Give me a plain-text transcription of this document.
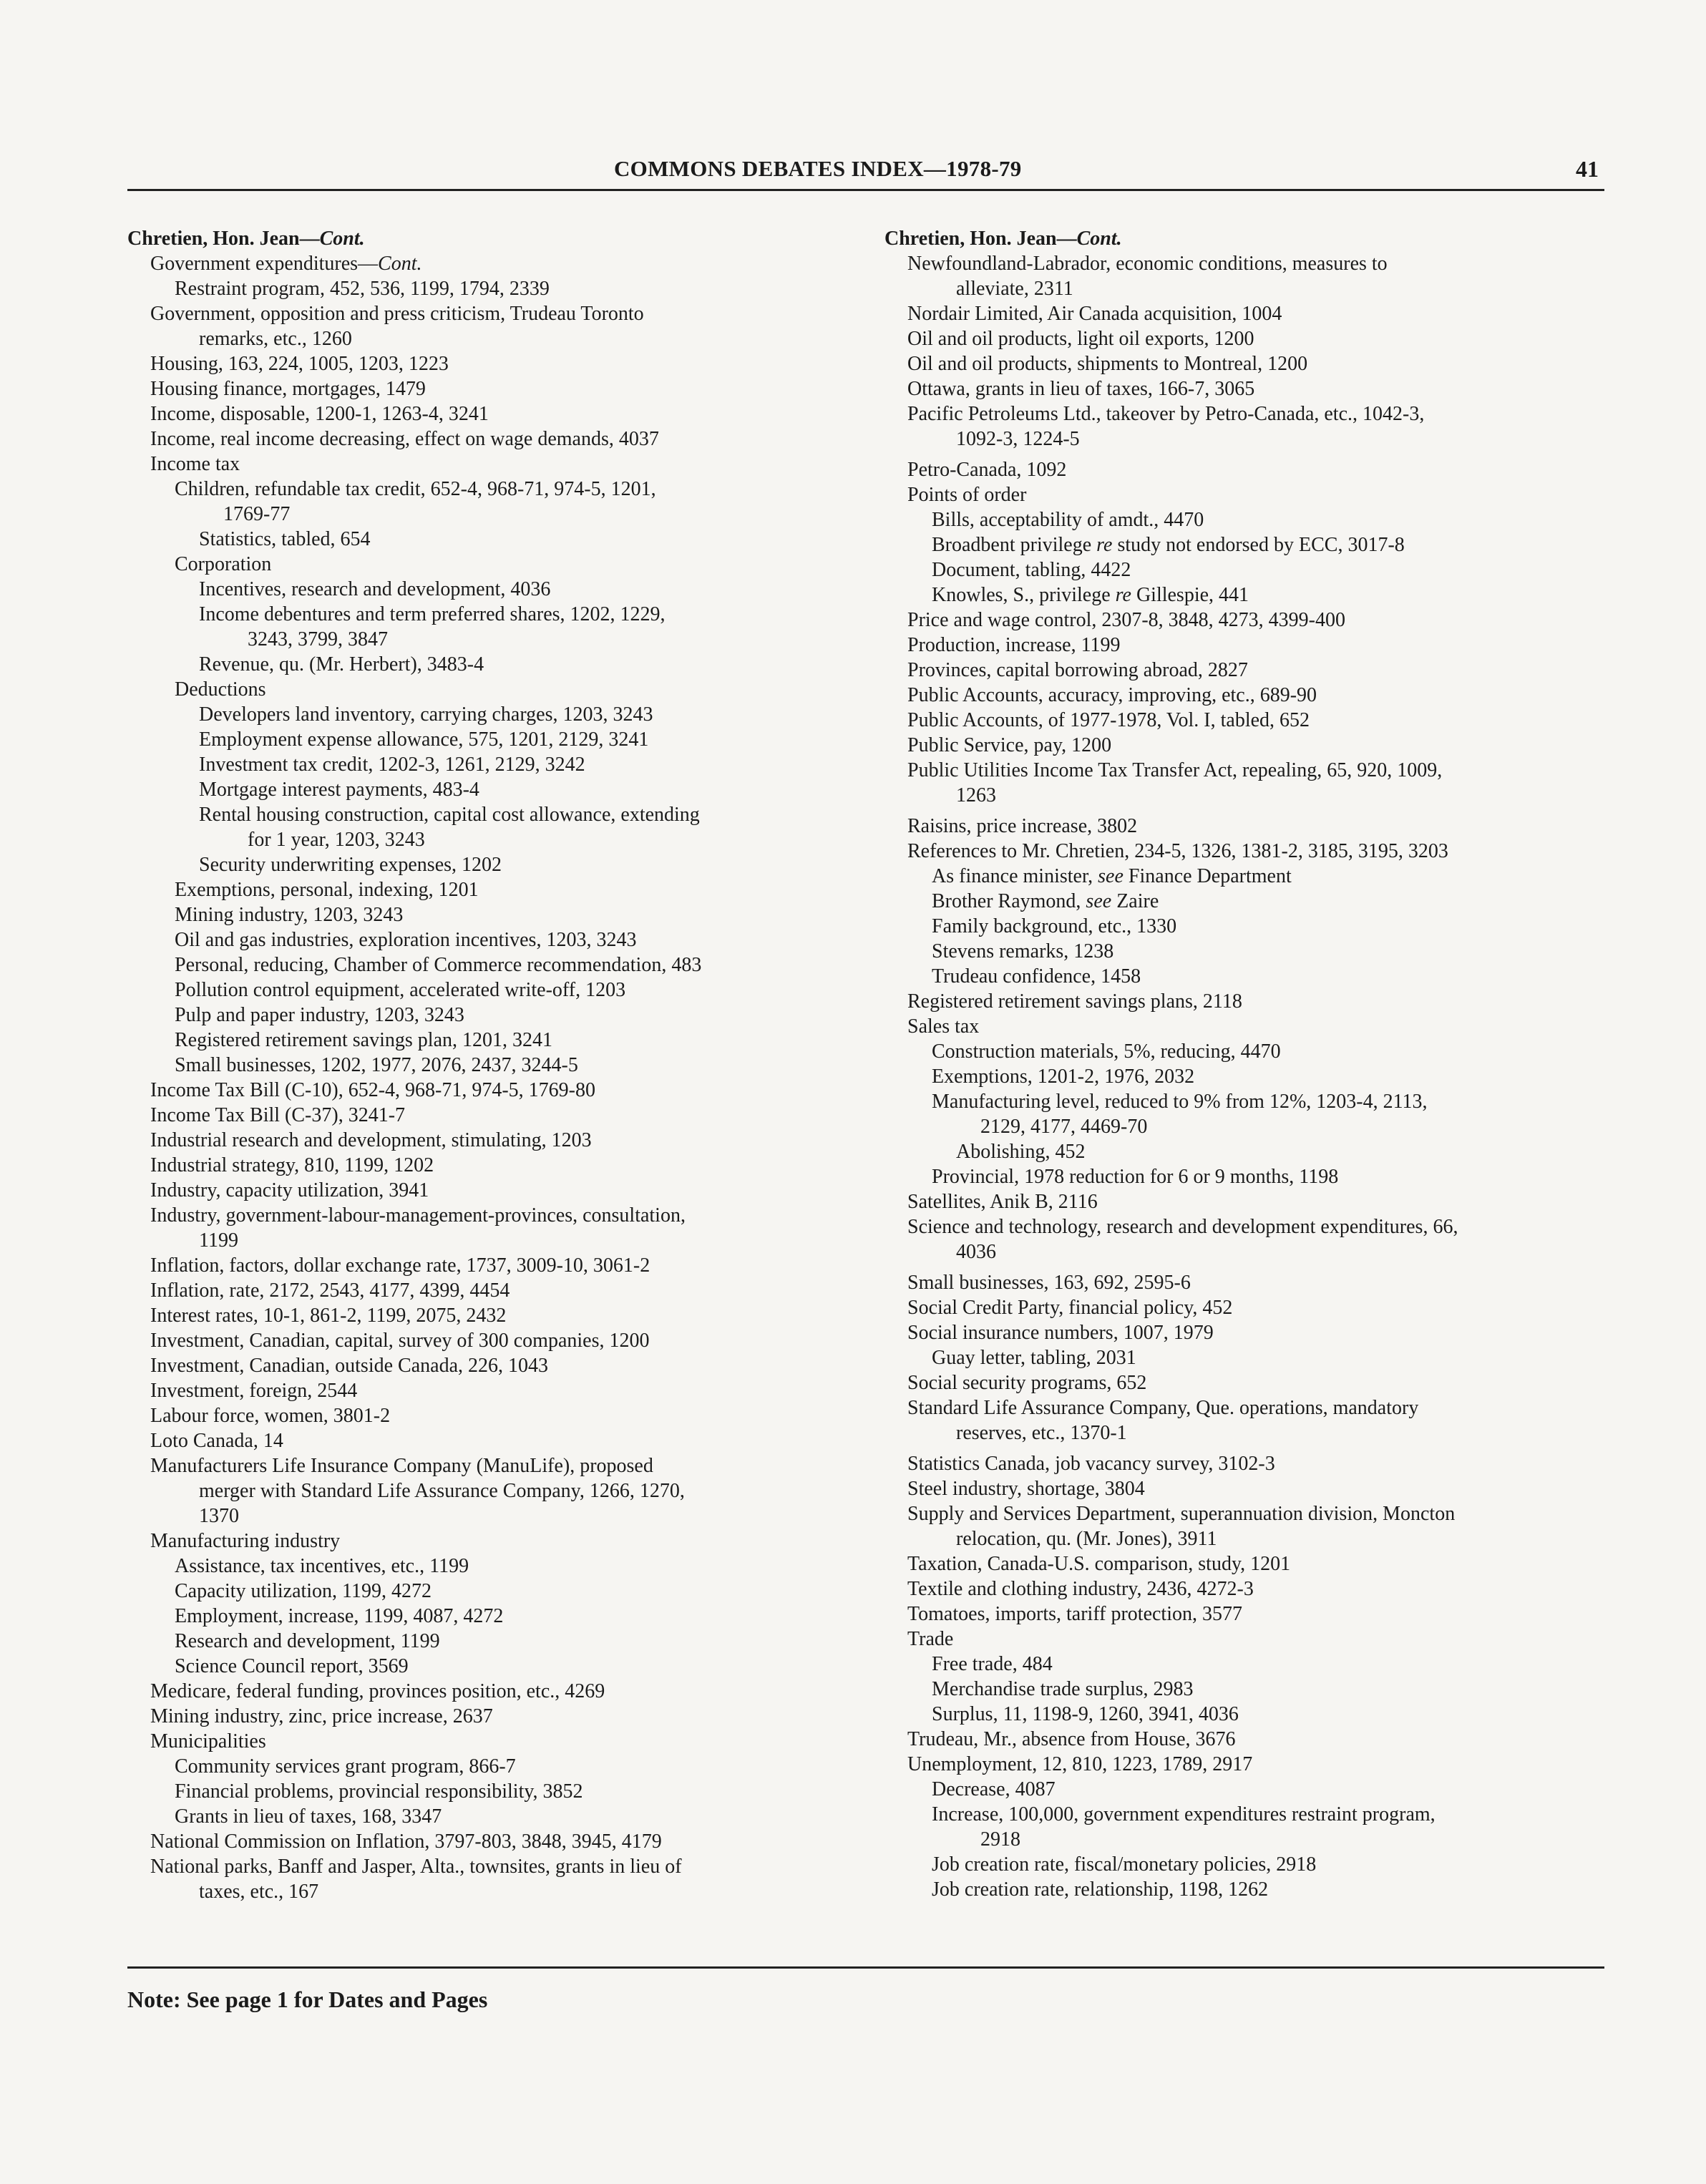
COMMONS DEBATES INDEX—1978-79	41
Chretien, Hon. Jean—Cont.
Government expenditures—Cont.
Restraint program, 452, 536, 1199, 1794, 2339
Government, opposition and press criticism, Trudeau Toronto
remarks, etc., 1260
Housing, 163, 224, 1005, 1203, 1223
Housing finance, mortgages, 1479
Income, disposable, 1200-1, 1263-4, 3241
Income, real income decreasing, effect on wage demands, 4037
Income tax
Children, refundable tax credit, 652-4, 968-71, 974-5, 1201,
1769-77
Statistics, tabled, 654
Corporation
Incentives, research and development, 4036
Income debentures and term preferred shares, 1202, 1229,
3243, 3799, 3847
Revenue, qu. (Mr. Herbert), 3483-4
Deductions
Developers land inventory, carrying charges, 1203, 3243
Employment expense allowance, 575, 1201, 2129, 3241
Investment tax credit, 1202-3, 1261, 2129, 3242
Mortgage interest payments, 483-4
Rental housing construction, capital cost allowance, extending
for 1 year, 1203, 3243
Security underwriting expenses, 1202
Exemptions, personal, indexing, 1201
Mining industry, 1203, 3243
Oil and gas industries, exploration incentives, 1203, 3243
Personal, reducing, Chamber of Commerce recommendation, 483
Pollution control equipment, accelerated write-off, 1203
Pulp and paper industry, 1203, 3243
Registered retirement savings plan, 1201, 3241
Small businesses, 1202, 1977, 2076, 2437, 3244-5
Income Tax Bill (C-10), 652-4, 968-71, 974-5, 1769-80
Income Tax Bill (C-37), 3241-7
Industrial research and development, stimulating, 1203
Industrial strategy, 810, 1199, 1202
Industry, capacity utilization, 3941
Industry, government-labour-management-provinces, consultation,
1199
Inflation, factors, dollar exchange rate, 1737, 3009-10, 3061-2
Inflation, rate, 2172, 2543, 4177, 4399, 4454
Interest rates, 10-1, 861-2, 1199, 2075, 2432
Investment, Canadian, capital, survey of 300 companies, 1200
Investment, Canadian, outside Canada, 226, 1043
Investment, foreign, 2544
Labour force, women, 3801-2
Loto Canada, 14
Manufacturers Life Insurance Company (ManuLife), proposed
merger with Standard Life Assurance Company, 1266, 1270,
1370
Manufacturing industry
Assistance, tax incentives, etc., 1199
Capacity utilization, 1199, 4272
Employment, increase, 1199, 4087, 4272
Research and development, 1199
Science Council report, 3569
Medicare, federal funding, provinces position, etc., 4269
Mining industry, zinc, price increase, 2637
Municipalities
Community services grant program, 866-7
Financial problems, provincial responsibility, 3852
Grants in lieu of taxes, 168, 3347
National Commission on Inflation, 3797-803, 3848, 3945, 4179
National parks, Banff and Jasper, Alta., townsites, grants in lieu of
taxes, etc., 167
Chretien, Hon. Jean—Cont.
Newfoundland-Labrador, economic conditions, measures to
alleviate, 2311
Nordair Limited, Air Canada acquisition, 1004
Oil and oil products, light oil exports, 1200
Oil and oil products, shipments to Montreal, 1200
Ottawa, grants in lieu of taxes, 166-7, 3065
Pacific Petroleums Ltd., takeover by Petro-Canada, etc., 1042-3,
1092-3, 1224-5
Petro-Canada, 1092
Points of order
Bills, acceptability of amdt., 4470
Broadbent privilege re study not endorsed by ECC, 3017-8
Document, tabling, 4422
Knowles, S., privilege re Gillespie, 441
Price and wage control, 2307-8, 3848, 4273, 4399-400
Production, increase, 1199
Provinces, capital borrowing abroad, 2827
Public Accounts, accuracy, improving, etc., 689-90
Public Accounts, of 1977-1978, Vol. I, tabled, 652
Public Service, pay, 1200
Public Utilities Income Tax Transfer Act, repealing, 65, 920, 1009,
1263
Raisins, price increase, 3802
References to Mr. Chretien, 234-5, 1326, 1381-2, 3185, 3195, 3203
As finance minister, see Finance Department
Brother Raymond, see Zaire
Family background, etc., 1330
Stevens remarks, 1238
Trudeau confidence, 1458
Registered retirement savings plans, 2118
Sales tax
Construction materials, 5%, reducing, 4470
Exemptions, 1201-2, 1976, 2032
Manufacturing level, reduced to 9% from 12%, 1203-4, 2113,
2129, 4177, 4469-70
Abolishing, 452
Provincial, 1978 reduction for 6 or 9 months, 1198
Satellites, Anik B, 2116
Science and technology, research and development expenditures, 66,
4036
Small businesses, 163, 692, 2595-6
Social Credit Party, financial policy, 452
Social insurance numbers, 1007, 1979
Guay letter, tabling, 2031
Social security programs, 652
Standard Life Assurance Company, Que. operations, mandatory
reserves, etc., 1370-1
Statistics Canada, job vacancy survey, 3102-3
Steel industry, shortage, 3804
Supply and Services Department, superannuation division, Moncton
relocation, qu. (Mr. Jones), 3911
Taxation, Canada-U.S. comparison, study, 1201
Textile and clothing industry, 2436, 4272-3
Tomatoes, imports, tariff protection, 3577
Trade
Free trade, 484
Merchandise trade surplus, 2983
Surplus, 11, 1198-9, 1260, 3941, 4036
Trudeau, Mr., absence from House, 3676
Unemployment, 12, 810, 1223, 1789, 2917
Decrease, 4087
Increase, 100,000, government expenditures restraint program,
2918
Job creation rate, fiscal/monetary policies, 2918
Job creation rate, relationship, 1198, 1262
Note: See page 1 for Dates and Pages
